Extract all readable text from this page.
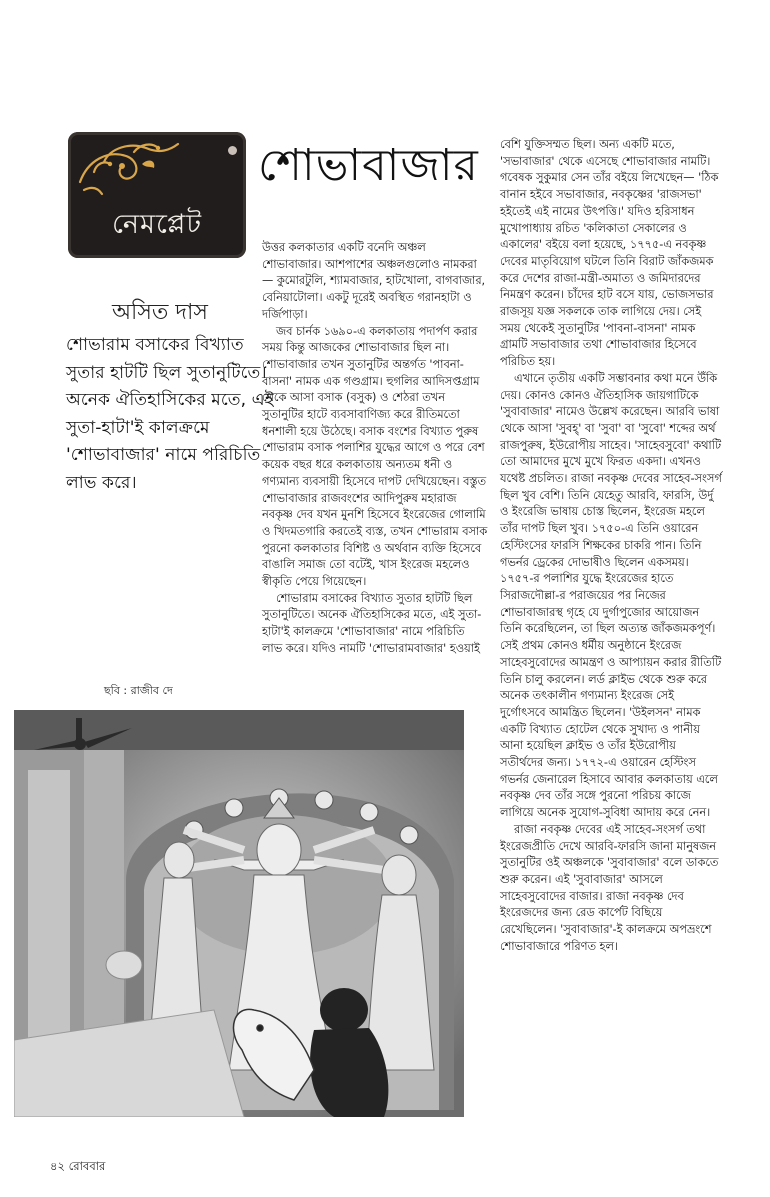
নেমপ্লেট
শোভাবাজার
অসিত দাস
শোভারাম বসাকের বিখ্যাত সুতার হাটটি ছিল সুতানুটিতে। অনেক ঐতিহাসিকের মতে, এই সুতা-হাটা'ই কালক্রমে 'শোভাবাজার' নামে পরিচিতি লাভ করে।
ছবি : রাজীব দে

উত্তর কলকাতার একটি বনেদি অঞ্চল শোভাবাজার। আশপাশের অঞ্চলগুলোও নামকরা— কুমোরটুলি, শ্যামবাজার, হাটখোলা, বাগবাজার, বেনিয়াটোলা। একটু দূরেই অবস্থিত গরানহাটা ও দর্জিপাড়া।

জব চার্নক ১৬৯০-এ কলকাতায় পদার্পণ করার সময় কিন্তু আজকের শোভাবাজার ছিল না। শোভাবাজার তখন সুতানুটির অন্তর্গত 'পাবনা-বাসনা' নামক এক গণ্ডগ্রাম। হুগলির আদিসপ্তগ্রাম থেকে আসা বসাক (বসুক) ও শেঠরা তখন সুতানুটির হাটে ব্যবসাবাণিজ্য করে রীতিমতো ধনশালী হয়ে উঠেছে। বসাক বংশের বিখ্যাত পুরুষ শোভারাম বসাক পলাশির যুদ্ধের আগে ও পরে বেশ কয়েক বছর ধরে কলকাতায় অন্যতম ধনী ও গণ্যমান্য ব্যবসায়ী হিসেবে দাপট দেখিয়েছেন। বস্তুত শোভাবাজার রাজবংশের আদিপুরুষ মহারাজ নবকৃষ্ণ দেব যখন মুনশি হিসেবে ইংরেজের গোলামি ও খিদমতগারি করতেই ব্যস্ত, তখন শোভারাম বসাক পুরনো কলকাতার বিশিষ্ট ও অর্থবান ব্যক্তি হিসেবে বাঙালি সমাজ তো বটেই, খাস ইংরেজ মহলেও স্বীকৃতি পেয়ে গিয়েছেন।

শোভারাম বসাকের বিখ্যাত সুতার হাটটি ছিল সুতানুটিতে। অনেক ঐতিহাসিকের মতে, এই সুতা-হাটা'ই কালক্রমে 'শোভাবাজার' নামে পরিচিতি লাভ করে। যদিও নামটি 'শোভারামবাজার' হওয়াই

বেশি যুক্তিসম্মত ছিল। অন্য একটি মতে, 'সভাবাজার' থেকে এসেছে শোভাবাজার নামটি। গবেষক সুকুমার সেন তাঁর বইয়ে লিখেছেন— 'ঠিক বানান হইবে সভাবাজার, নবকৃষ্ণের 'রাজসভা' হইতেই এই নামের উৎপত্তি।' যদিও হরিসাধন মুখোপাধ্যায় রচিত 'কলিকাতা সেকালের ও একালের' বইয়ে বলা হয়েছে, ১৭৭৫-এ নবকৃষ্ণ দেবের মাতৃবিয়োগ ঘটলে তিনি বিরাট জাঁকজমক করে দেশের রাজা-মন্ত্রী-অমাত্য ও জমিদারদের নিমন্ত্রণ করেন। চাঁদের হাট বসে যায়, ভোজসভার রাজসূয় যজ্ঞ সকলকে তাক লাগিয়ে দেয়। সেই সময় থেকেই সুতানুটির 'পাবনা-বাসনা' নামক গ্রামটি সভাবাজার তথা শোভাবাজার হিসেবে পরিচিত হয়।

এখানে তৃতীয় একটি সম্ভাবনার কথা মনে উঁকি দেয়। কোনও কোনও ঐতিহাসিক জায়গাটিকে 'সুবাবাজার' নামেও উল্লেখ করেছেন। আরবি ভাষা থেকে আসা 'সুবহ্' বা 'সুবা' বা 'সুবো' শব্দের অর্থ রাজপুরুষ, ইউরোপীয় সাহেব। 'সাহেবসুবো' কথাটি তো আমাদের মুখে মুখে ফিরত একদা। এখনও যথেষ্ট প্রচলিত। রাজা নবকৃষ্ণ দেবের সাহেব-সংসর্গ ছিল খুব বেশি। তিনি যেহেতু আরবি, ফারসি, উর্দু ও ইংরেজি ভাষায় চোস্ত ছিলেন, ইংরেজ মহলে তাঁর দাপট ছিল খুব। ১৭৫০-এ তিনি ওয়ারেন হেস্টিংসের ফারসি শিক্ষকের চাকরি পান। তিনি গভর্নর ড্রেকের দোভাষীও ছিলেন একসময়। ১৭৫৭-র পলাশির যুদ্ধে ইংরেজের হাতে সিরাজদৌল্লা-র পরাজয়ের পর নিজের শোভাবাজারস্থ গৃহে যে দুর্গাপুজোর আয়োজন তিনি করেছিলেন, তা ছিল অত্যন্ত জাঁকজমকপূর্ণ। সেই প্রথম কোনও ধর্মীয় অনুষ্ঠানে ইংরেজ সাহেবসুবোদের আমন্ত্রণ ও আপ্যায়ন করার রীতিটি তিনি চালু করলেন। লর্ড ক্লাইভ থেকে শুরু করে অনেক তৎকালীন গণ্যমান্য ইংরেজ সেই দুর্গোৎসবে আমন্ত্রিত ছিলেন। 'উইলসন' নামক একটি বিখ্যাত হোটেল থেকে সুখাদ্য ও পানীয় আনা হয়েছিল ক্লাইভ ও তাঁর ইউরোপীয় সতীর্থদের জন্য। ১৭৭২-এ ওয়ারেন হেস্টিংস গভর্নর জেনারেল হিসাবে আবার কলকাতায় এলে নবকৃষ্ণ দেব তাঁর সঙ্গে পুরনো পরিচয় কাজে লাগিয়ে অনেক সুযোগ-সুবিধা আদায় করে নেন।

রাজা নবকৃষ্ণ দেবের এই সাহেব-সংসর্গ তথা ইংরেজপ্রীতি দেখে আরবি-ফারসি জানা মানুষজন সুতানুটির ওই অঞ্চলকে 'সুবাবাজার' বলে ডাকতে শুরু করেন। এই 'সুবাবাজার' আসলে সাহেবসুবোদের বাজার। রাজা নবকৃষ্ণ দেব ইংরেজদের জন্য রেড কার্পেট বিছিয়ে রেখেছিলেন। 'সুবাবাজার'-ই কালক্রমে অপভ্রংশে শোভাবাজারে পরিণত হল।

৪২ রোববার
